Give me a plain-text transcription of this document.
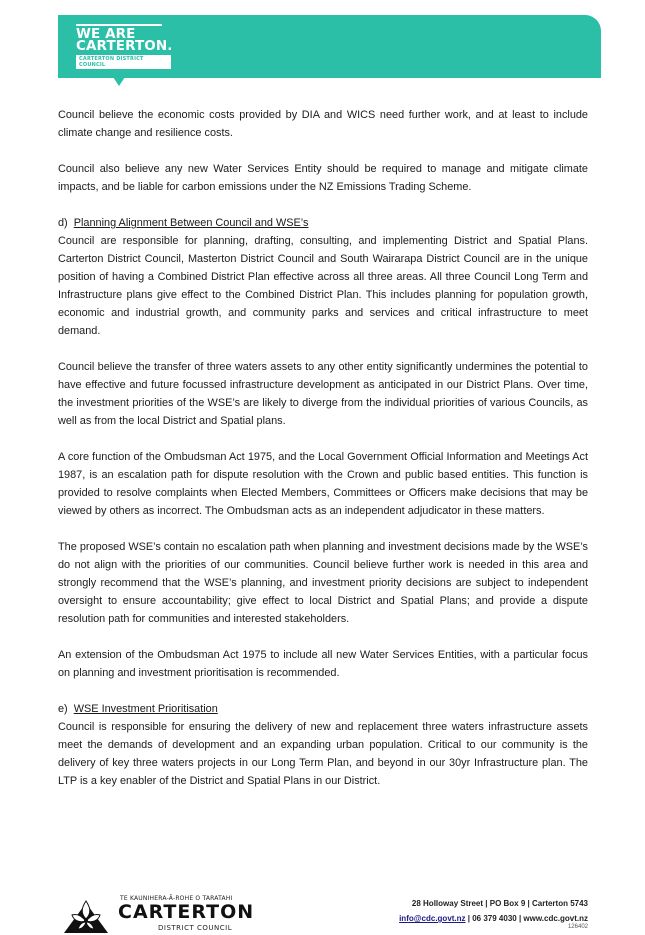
WE ARE
CARTERTON.
CARTERTON DISTRICT COUNCIL

Council believe the economic costs provided by DIA and WICS need further work, and at least to include climate change and resilience costs.

Council also believe any new Water Services Entity should be required to manage and mitigate climate impacts, and be liable for carbon emissions under the NZ Emissions Trading Scheme.

d) Planning Alignment Between Council and WSE’s

Council are responsible for planning, drafting, consulting, and implementing District and Spatial Plans. Carterton District Council, Masterton District Council and South Wairarapa District Council are in the unique position of having a Combined District Plan effective across all three areas. All three Council Long Term and Infrastructure plans give effect to the Combined District Plan. This includes planning for population growth, economic and industrial growth, and community parks and services and critical infrastructure to meet demand.

Council believe the transfer of three waters assets to any other entity significantly undermines the potential to have effective and future focussed infrastructure development as anticipated in our District Plans. Over time, the investment priorities of the WSE’s are likely to diverge from the individual priorities of various Councils, as well as from the local District and Spatial plans.

A core function of the Ombudsman Act 1975, and the Local Government Official Information and Meetings Act 1987, is an escalation path for dispute resolution with the Crown and public based entities. This function is provided to resolve complaints when Elected Members, Committees or Officers make decisions that may be viewed by others as incorrect. The Ombudsman acts as an independent adjudicator in these matters.

The proposed WSE’s contain no escalation path when planning and investment decisions made by the WSE’s do not align with the priorities of our communities. Council believe further work is needed in this area and strongly recommend that the WSE’s planning, and investment priority decisions are subject to independent oversight to ensure accountability; give effect to local District and Spatial Plans; and provide a dispute resolution path for communities and interested stakeholders.

An extension of the Ombudsman Act 1975 to include all new Water Services Entities, with a particular focus on planning and investment prioritisation is recommended.

e) WSE Investment Prioritisation

Council is responsible for ensuring the delivery of new and replacement three waters infrastructure assets meet the demands of development and an expanding urban population. Critical to our community is the delivery of key three waters projects in our Long Term Plan, and beyond in our 30yr Infrastructure plan. The LTP is a key enabler of the District and Spatial Plans in our District.

TE KAUNIHERA-Ā-ROHE O TARATAHI
CARTERTON
DISTRICT COUNCIL
28 Holloway Street | PO Box 9 | Carterton 5743
info@cdc.govt.nz | 06 379 4030 | www.cdc.govt.nz
126402
